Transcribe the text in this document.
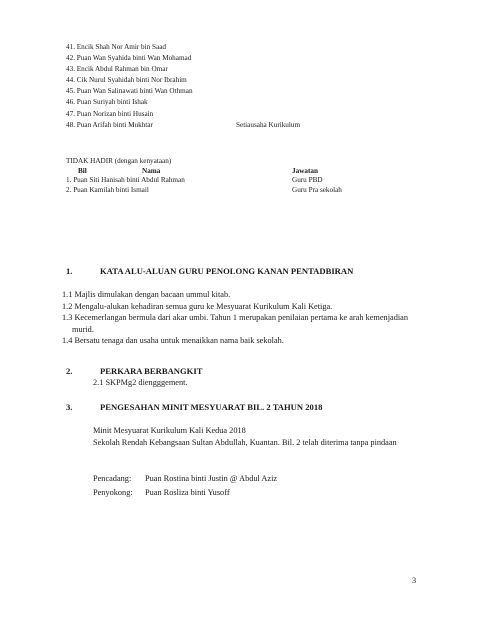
41. Encik Shah Nor Amir bin Saad
42. Puan Wan Syahida binti Wan Mohamad
43. Encik Abdul Rahman bin Omar
44. Cik Nurul Syahidah binti Nor Ibrahim
45. Puan Wan Salinawati binti Wan Othman
46. Puan Suriyah binti Ishak
47. Puan Norizan binti Husain
48. Puan Arifah binti Mukhtar	Setiausaha Kurikulum
TIDAK HADIR (dengan kenyataan)
Bil	Nama	Jawatan
1. Puan Siti Hanisah binti Abdul Rahman		Guru PBD
2. Puan Kamilah binti Ismail		Guru Pra sekolah
1.	KATA ALU-ALUAN GURU PENOLONG KANAN PENTADBIRAN

1.1 Majlis dimulakan dengan bacaan ummul kitab.

1.2 Mengalu-alukan kehadiran semua guru ke Mesyuarat Kurikulum Kali Ketiga.

1.3 Kecemerlangan bermula dari akar umbi. Tahun 1 merupakan penilaian pertama ke arah kemenjadian murid.

1.4 Bersatu tenaga dan usaha untuk menaikkan nama baik sekolah.

2.	PERKARA BERBANGKIT

2.1 SKPMg2 diengggement.

3.	PENGESAHAN MINIT MESYUARAT BIL. 2 TAHUN 2018

Minit Mesyuarat Kurikulum Kali Kedua 2018

Sekolah Rendah Kebangsaan Sultan Abdullah, Kuantan. Bil. 2 telah diterima tanpa pindaan

Pencadang: Puan Rostina binti Justin @ Abdul Aziz
Penyokong: Puan Rosliza binti Yusoff
3
